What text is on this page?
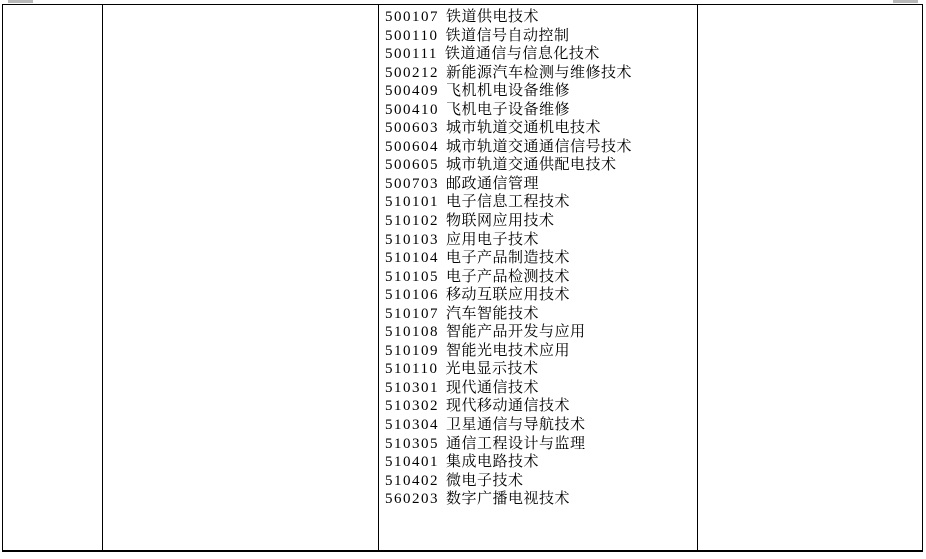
500107 铁道供电技术
500110 铁道信号自动控制
500111 铁道通信与信息化技术
500212 新能源汽车检测与维修技术
500409 飞机机电设备维修
500410 飞机电子设备维修
500603 城市轨道交通机电技术
500604 城市轨道交通通信信号技术
500605 城市轨道交通供配电技术
500703 邮政通信管理
510101 电子信息工程技术
510102 物联网应用技术
510103 应用电子技术
510104 电子产品制造技术
510105 电子产品检测技术
510106 移动互联应用技术
510107 汽车智能技术
510108 智能产品开发与应用
510109 智能光电技术应用
510110 光电显示技术
510301 现代通信技术
510302 现代移动通信技术
510304 卫星通信与导航技术
510305 通信工程设计与监理
510401 集成电路技术
510402 微电子技术
560203 数字广播电视技术
